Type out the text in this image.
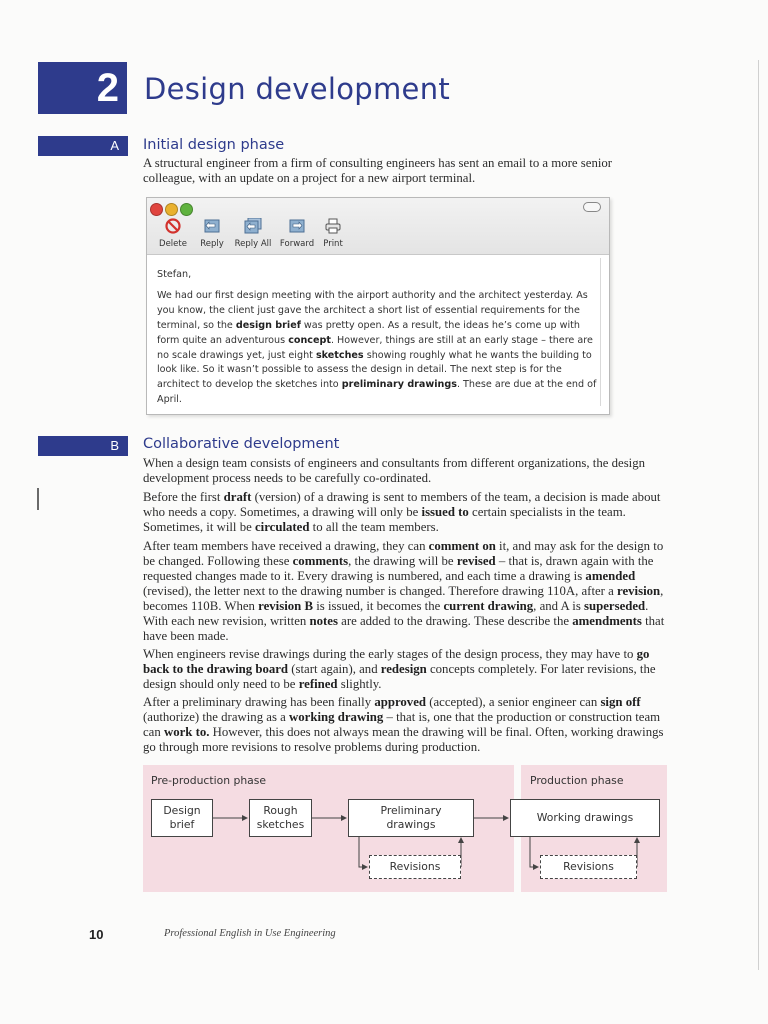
2 Design development
A	Initial design phase
A structural engineer from a firm of consulting engineers has sent an email to a more senior colleague, with an update on a project for a new airport terminal.
Delete	Reply	Reply All	Forward	Print
Stefan,
We had our first design meeting with the airport authority and the architect yesterday. As you know, the client just gave the architect a short list of essential requirements for the terminal, so the design brief was pretty open. As a result, the ideas he’s come up with form quite an adventurous concept. However, things are still at an early stage – there are no scale drawings yet, just eight sketches showing roughly what he wants the building to look like. So it wasn’t possible to assess the design in detail. The next step is for the architect to develop the sketches into preliminary drawings. These are due at the end of April.
B	Collaborative development
When a design team consists of engineers and consultants from different organizations, the design development process needs to be carefully co-ordinated.
Before the first draft (version) of a drawing is sent to members of the team, a decision is made about who needs a copy. Sometimes, a drawing will only be issued to certain specialists in the team. Sometimes, it will be circulated to all the team members.
After team members have received a drawing, they can comment on it, and may ask for the design to be changed. Following these comments, the drawing will be revised – that is, drawn again with the requested changes made to it. Every drawing is numbered, and each time a drawing is amended (revised), the letter next to the drawing number is changed. Therefore drawing 110A, after a revision, becomes 110B. When revision B is issued, it becomes the current drawing, and A is superseded. With each new revision, written notes are added to the drawing. These describe the amendments that have been made.
When engineers revise drawings during the early stages of the design process, they may have to go back to the drawing board (start again), and redesign concepts completely. For later revisions, the design should only need to be refined slightly.
After a preliminary drawing has been finally approved (accepted), a senior engineer can sign off (authorize) the drawing as a working drawing – that is, one that the production or construction team can work to. However, this does not always mean the drawing will be final. Often, working drawings go through more revisions to resolve problems during production.
Pre-production phase	Production phase
Design
brief
Rough
sketches
Preliminary
drawings
Working drawings
Revisions	Revisions
10	Professional English in Use Engineering
